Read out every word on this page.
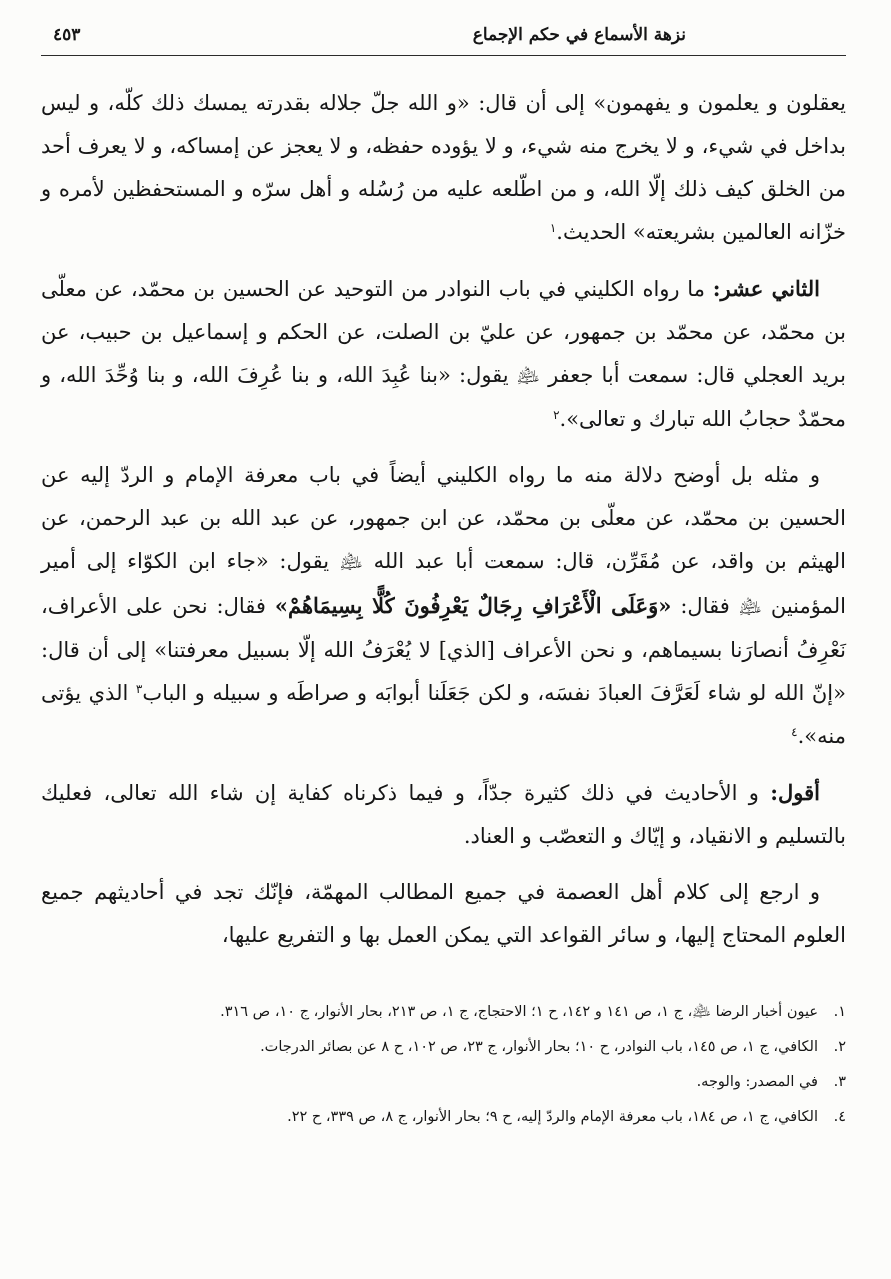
نزهة الأسماع في حكم الإجماع
٤٥٣

يعقلون و يعلمون و يفهمون» إلى أن قال: «و الله جلّ جلاله بقدرته يمسك ذلك كلّه، و ليس بداخل في شيء، و لا يخرج منه شيء، و لا يؤوده حفظه، و لا يعجز عن إمساكه، و لا يعرف أحد من الخلق كيف ذلك إلّا الله، و من اطّلعه عليه من رُسُله و أهل سرّه و المستحفظين لأمره و خزّانه العالمين بشريعته» الحديث.$^١$

الثاني عشر: ما رواه الكليني في باب النوادر من التوحيد عن الحسين بن محمّد، عن معلّى بن محمّد، عن محمّد بن جمهور، عن عليّ بن الصلت، عن الحكم و إسماعيل بن حبيب، عن بريد العجلي قال: سمعت أبا جعفر ﵇ يقول: «بنا عُبِدَ الله، و بنا عُرِفَ الله، و بنا وُحِّدَ الله، و محمّدٌ حجابُ الله تبارك و تعالى».$^٢$

و مثله بل أوضح دلالة منه ما رواه الكليني أيضاً في باب معرفة الإمام و الردّ إليه عن الحسين بن محمّد، عن معلّى بن محمّد، عن ابن جمهور، عن عبد الله بن عبد الرحمن، عن الهيثم بن واقد، عن مُقَرِّن، قال: سمعت أبا عبد الله ﵇ يقول: «جاء ابن الكوّاء إلى أمير المؤمنين ﵇ فقال: «وَعَلَى الْأَعْرَافِ رِجَالٌ يَعْرِفُونَ كُلًّا بِسِيمَاهُمْ» فقال: نحن على الأعراف، نَعْرِفُ أنصارَنا بسيماهم، و نحن الأعراف [الذي] لا يُعْرَفُ الله إلّا بسبيل معرفتنا» إلى أن قال: «إنّ الله لو شاء لَعَرَّفَ العبادَ نفسَه، و لكن جَعَلَنا أبوابَه و صراطَه و سبيله و الباب$^٣$ الذي يؤتى منه».$^٤$

أقول: و الأحاديث في ذلك كثيرة جدّاً، و فيما ذكرناه كفاية إن شاء الله تعالى، فعليك بالتسليم و الانقياد، و إيّاك و التعصّب و العناد.

و ارجع إلى كلام أهل العصمة في جميع المطالب المهمّة، فإنّك تجد في أحاديثهم جميع العلوم المحتاج إليها، و سائر القواعد التي يمكن العمل بها و التفريع عليها،

١.عيون أخبار الرضا ﵇، ج ١، ص ١٤١ و ١٤٢، ح ١؛ الاحتجاج، ج ١، ص ٢١٣، بحار الأنوار، ج ١٠، ص ٣١٦.
٢.الكافي، ج ١، ص ١٤٥، باب النوادر، ح ١٠؛ بحار الأنوار، ج ٢٣، ص ١٠٢، ح ٨ عن بصائر الدرجات.
٣.في المصدر: والوجه.
٤.الكافي، ج ١، ص ١٨٤، باب معرفة الإمام والردّ إليه، ح ٩؛ بحار الأنوار، ج ٨، ص ٣٣٩، ح ٢٢.
